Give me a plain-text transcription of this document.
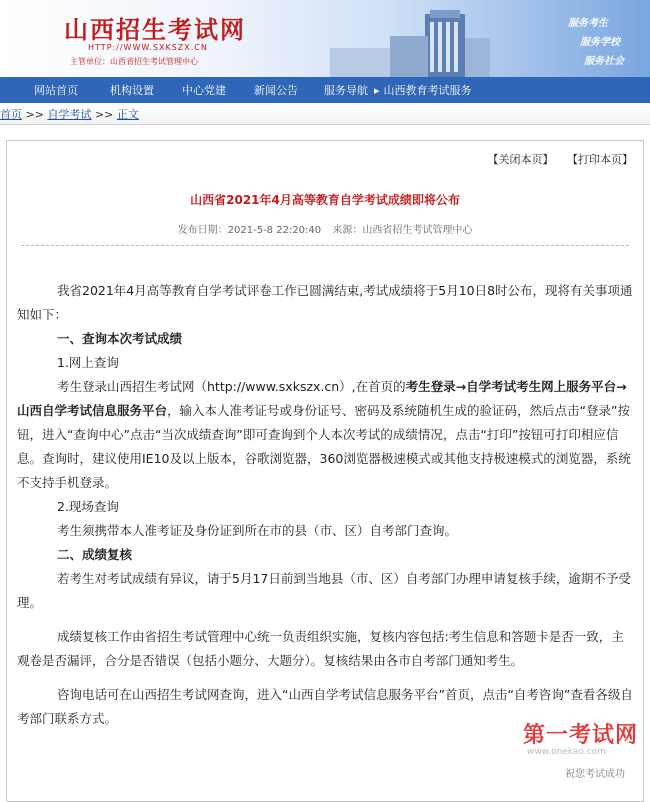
山西招生考试网
HTTP://WWW.SXKSZX.CN
主管单位：山西省招生考试管理中心
服务考生
服务学校
服务社会
网站首页	机构设置	中心党建	新闻公告 服务导航 ▸ 山西教育考试服务
首页 >> 自学考试 >> 正文
【关闭本页】 【打印本页】
山西省2021年4月高等教育自学考试成绩即将公布
发布日期：2021-5-8 22:20:40 来源：山西省招生考试管理中心

我省2021年4月高等教育自学考试评卷工作已圆满结束,考试成绩将于5月10日8时公布，现将有关事项通知如下：

一、查询本次考试成绩

1.网上查询

考生登录山西招生考试网（http://www.sxkszx.cn）,在首页的考生登录→自学考试考生网上服务平台→山西自学考试信息服务平台，输入本人准考证号或身份证号、密码及系统随机生成的验证码，然后点击“登录”按钮，进入“查询中心”点击“当次成绩查询”即可查询到个人本次考试的成绩情况，点击“打印”按钮可打印相应信息。查询时，建议使用IE10及以上版本，谷歌浏览器，360浏览器极速模式或其他支持极速模式的浏览器，系统不支持手机登录。

2.现场查询

考生须携带本人准考证及身份证到所在市的县（市、区）自考部门查询。

二、成绩复核

若考生对考试成绩有异议，请于5月17日前到当地县（市、区）自考部门办理申请复核手续，逾期不予受理。

成绩复核工作由省招生考试管理中心统一负责组织实施，复核内容包括:考生信息和答题卡是否一致，主观卷是否漏评，合分是否错误（包括小题分、大题分）。复核结果由各市自考部门通知考生。

咨询电话可在山西招生考试网查询，进入“山西自学考试信息服务平台”首页，点击“自考咨询”查看各级自考部门联系方式。

第一考试网
www.onekao.com
祝您考试成功
